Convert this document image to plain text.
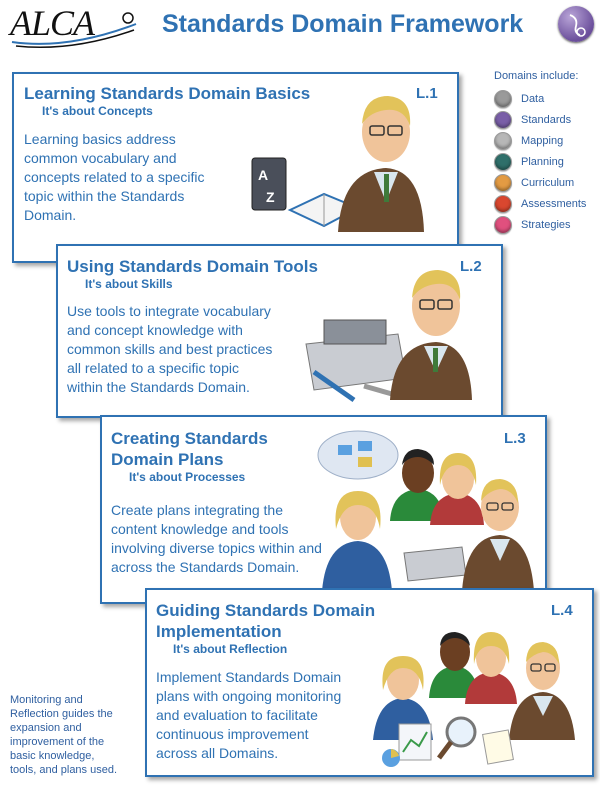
ALCA	Standards Domain Framework
Domains include:
Data
Standards
Mapping
Planning
Curriculum
Assessments
Strategies
Learning Standards Domain Basics
It's about Concepts
L.1
Learning basics address
common vocabulary and
concepts related to a specific
topic within the Standards
Domain.
A
Z
Using Standards Domain Tools
It's about Skills
L.2
Use tools to integrate vocabulary
and concept knowledge with
common skills and best practices
all related to a specific topic
within the Standards Domain.
Creating Standards
Domain Plans
It's about Processes
L.3
Create plans integrating the
content knowledge and tools
involving diverse topics within and
across the Standards Domain.
Guiding Standards Domain
Implementation
It's about Reflection
L.4
Implement Standards Domain
plans with ongoing monitoring
and evaluation to facilitate
continuous improvement
across all Domains.
Monitoring and
Reflection guides the
expansion and
improvement of the
basic knowledge,
tools, and plans used.
